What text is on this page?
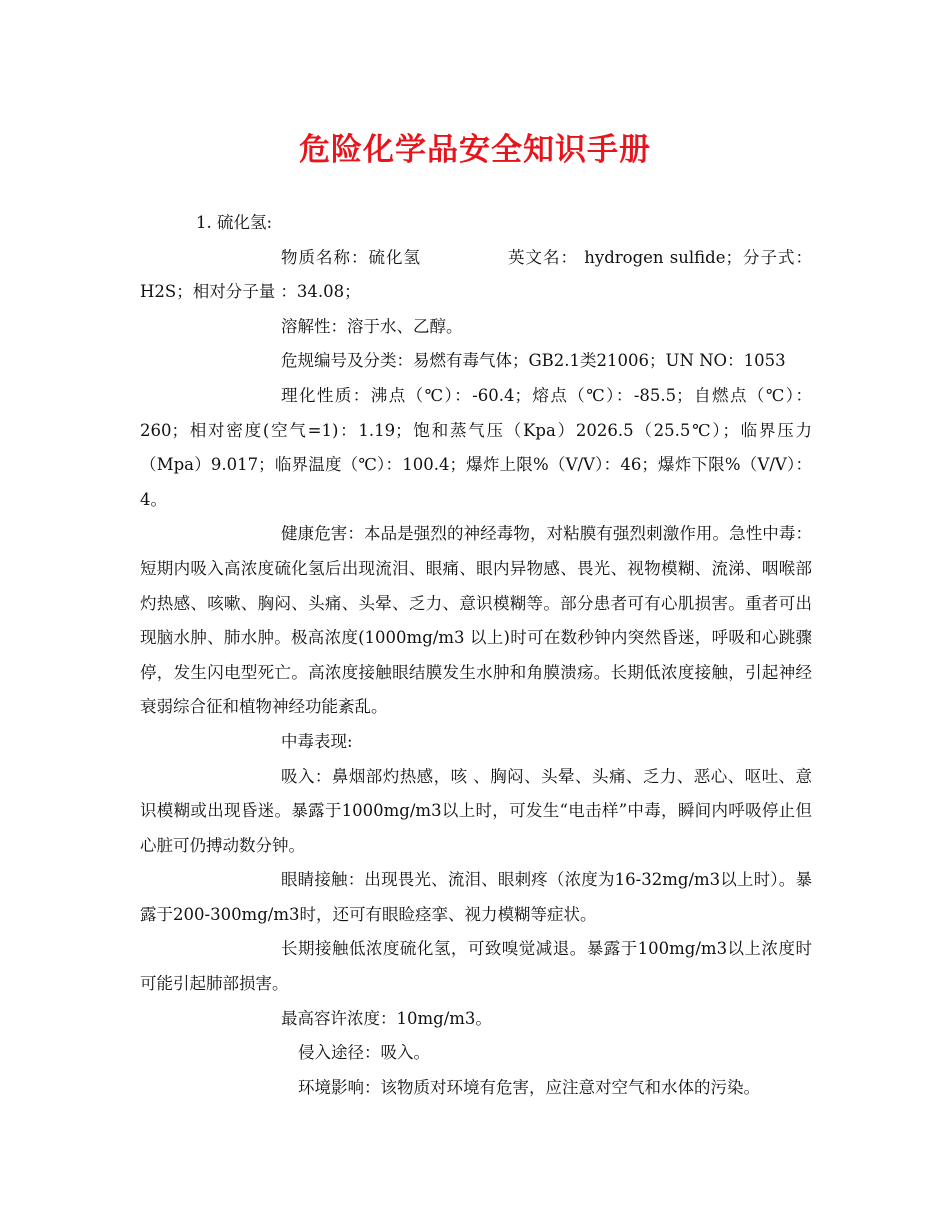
危险化学品安全知识手册

1. 硫化氢:

物质名称：硫化氢	英文名： hydrogen sulfide；分子式： H2S；相对分子量 ：34.08；

溶解性：溶于水、乙醇。

危规编号及分类：易燃有毒气体；GB2.1类21006；UN NO：1053

理化性质：沸点（℃）：-60.4；熔点（℃）：-85.5；自燃点（℃）：260；相对密度(空气=1)：1.19；饱和蒸气压（Kpa）2026.5（25.5℃）；临界压力（Mpa）9.017；临界温度（℃）：100.4；爆炸上限%（V/V）：46；爆炸下限%（V/V）：4。

健康危害：本品是强烈的神经毒物，对粘膜有强烈刺激作用。急性中毒：短期内吸入高浓度硫化氢后出现流泪、眼痛、眼内异物感、畏光、视物模糊、流涕、咽喉部灼热感、咳嗽、胸闷、头痛、头晕、乏力、意识模糊等。部分患者可有心肌损害。重者可出现脑水肿、肺水肿。极高浓度(1000mg/m3 以上)时可在数秒钟内突然昏迷，呼吸和心跳骤停，发生闪电型死亡。高浓度接触眼结膜发生水肿和角膜溃疡。长期低浓度接触，引起神经衰弱综合征和植物神经功能紊乱。

中毒表现:

吸入：鼻烟部灼热感，咳 、胸闷、头晕、头痛、乏力、恶心、呕吐、意识模糊或出现昏迷。暴露于1000mg/m3以上时，可发生“电击样”中毒，瞬间内呼吸停止但心脏可仍搏动数分钟。

眼睛接触：出现畏光、流泪、眼刺疼（浓度为16-32mg/m3以上时）。暴露于200-300mg/m3时，还可有眼睑痉挛、视力模糊等症状。

长期接触低浓度硫化氢，可致嗅觉减退。暴露于100mg/m3以上浓度时可能引起肺部损害。

最高容许浓度：10mg/m3。

侵入途径：吸入。

环境影响：该物质对环境有危害，应注意对空气和水体的污染。
